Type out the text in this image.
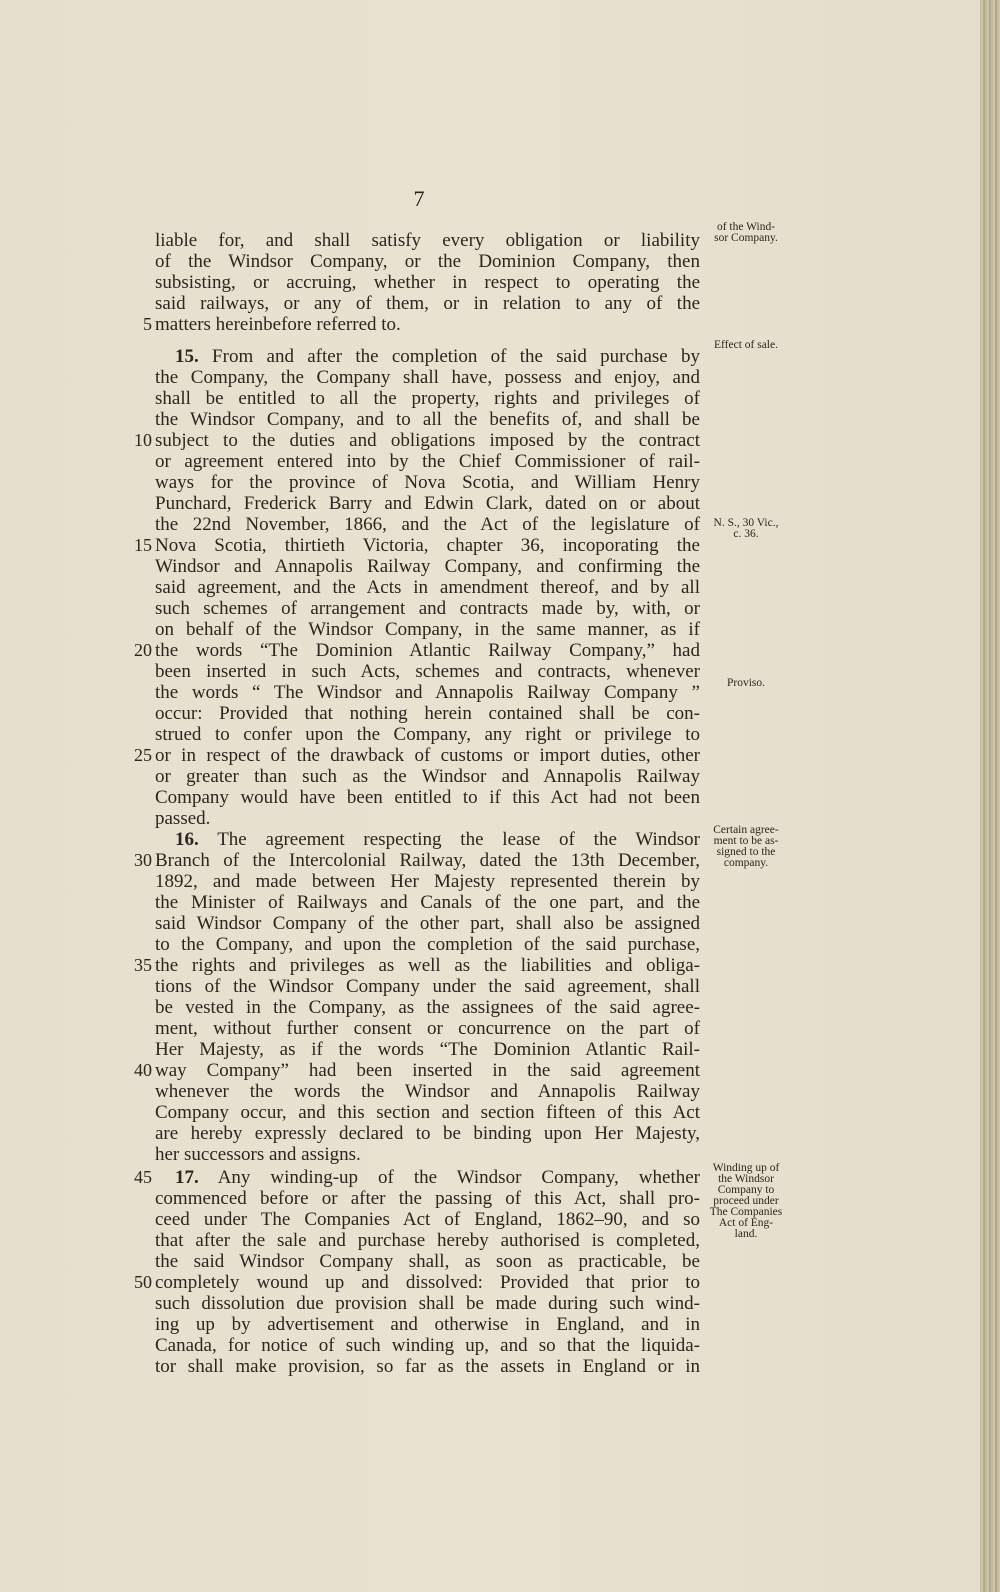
7
liable for, and shall satisfy every obligation or liability
of the Windsor Company, or the Dominion Company, then
subsisting, or accruing, whether in respect to operating the
said railways, or any of them, or in relation to any of the
matters hereinbefore referred to.
5
15. From and after the completion of the said purchase by
the Company, the Company shall have, possess and enjoy, and
shall be entitled to all the property, rights and privileges of
the Windsor Company, and to all the benefits of, and shall be
subject to the duties and obligations imposed by the contract
10
or agreement entered into by the Chief Commissioner of rail-
ways for the province of Nova Scotia, and William Henry
Punchard, Frederick Barry and Edwin Clark, dated on or about
the 22nd November, 1866, and the Act of the legislature of
Nova Scotia, thirtieth Victoria, chapter 36, incoporating the
15
Windsor and Annapolis Railway Company, and confirming the
said agreement, and the Acts in amendment thereof, and by all
such schemes of arrangement and contracts made by, with, or
on behalf of the Windsor Company, in the same manner, as if
the words “The Dominion Atlantic Railway Company,” had
20
been inserted in such Acts, schemes and contracts, whenever
the words “ The Windsor and Annapolis Railway Company ”
occur: Provided that nothing herein contained shall be con-
strued to confer upon the Company, any right or privilege to
or in respect of the drawback of customs or import duties, other
25
or greater than such as the Windsor and Annapolis Railway
Company would have been entitled to if this Act had not been
passed.
16. The agreement respecting the lease of the Windsor
Branch of the Intercolonial Railway, dated the 13th December,
30
1892, and made between Her Majesty represented therein by
the Minister of Railways and Canals of the one part, and the
said Windsor Company of the other part, shall also be assigned
to the Company, and upon the completion of the said purchase,
the rights and privileges as well as the liabilities and obliga-
35
tions of the Windsor Company under the said agreement, shall
be vested in the Company, as the assignees of the said agree-
ment, without further consent or concurrence on the part of
Her Majesty, as if the words “The Dominion Atlantic Rail-
way Company” had been inserted in the said agreement
40
whenever the words the Windsor and Annapolis Railway
Company occur, and this section and section fifteen of this Act
are hereby expressly declared to be binding upon Her Majesty,
her successors and assigns.
17. Any winding-up of the Windsor Company, whether
45
commenced before or after the passing of this Act, shall pro-
ceed under The Companies Act of England, 1862–90, and so
that after the sale and purchase hereby authorised is completed,
the said Windsor Company shall, as soon as practicable, be
completely wound up and dissolved: Provided that prior to
50
such dissolution due provision shall be made during such wind-
ing up by advertisement and otherwise in England, and in
Canada, for notice of such winding up, and so that the liquida-
tor shall make provision, so far as the assets in England or in
of the Wind-
sor Company.
Effect of sale.
N. S., 30 Vic.,
c. 36.
Proviso.
Certain agree-
ment to be as-
signed to the
company.
Winding up of
the Windsor
Company to
proceed under
The Companies
Act of Eng-
land.
